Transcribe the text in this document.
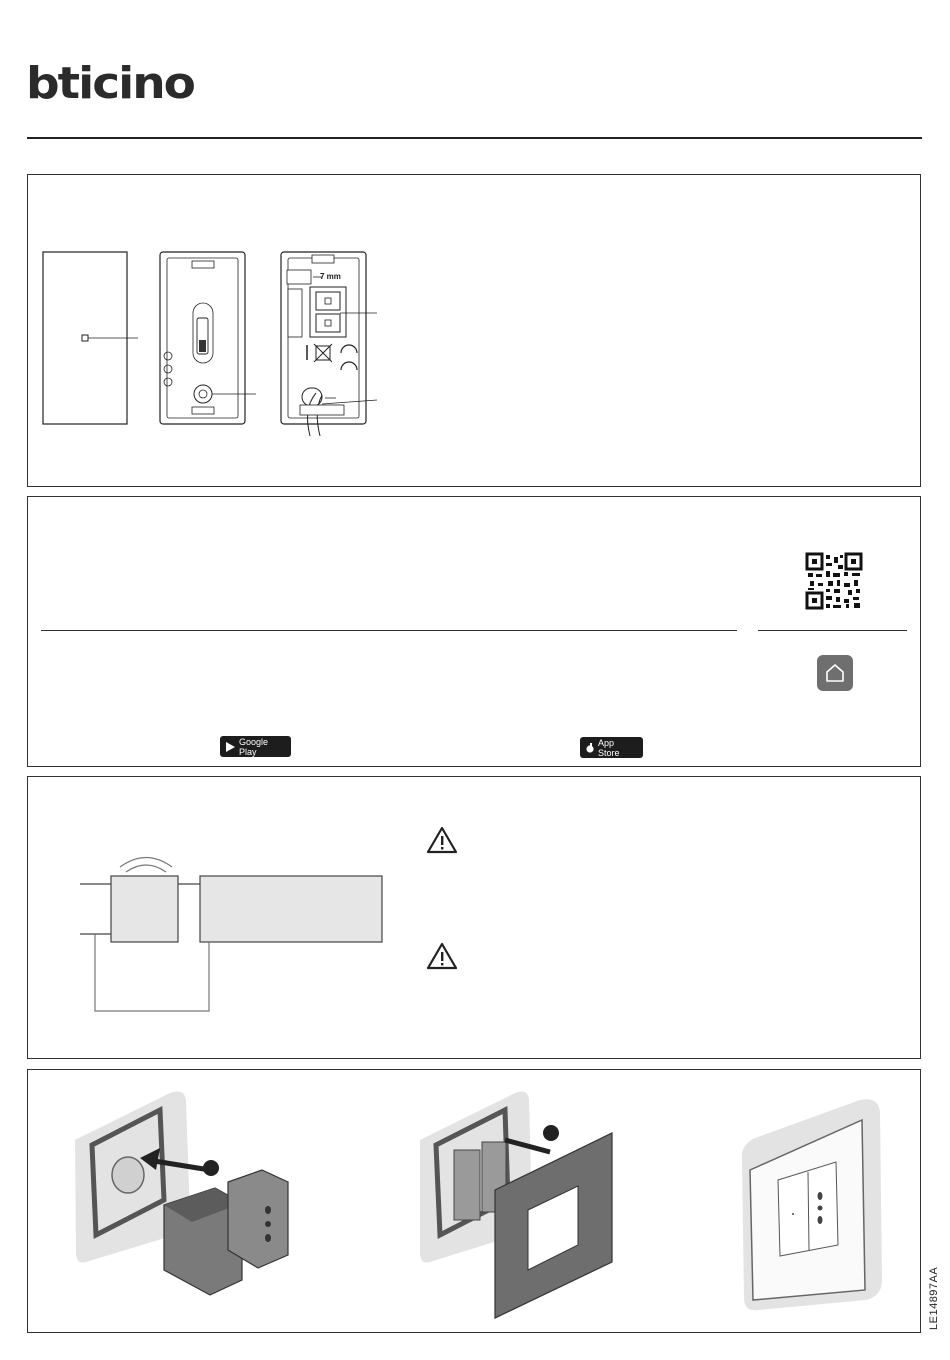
bticino
7 mm
Google Play
App Store
LE14897AA
